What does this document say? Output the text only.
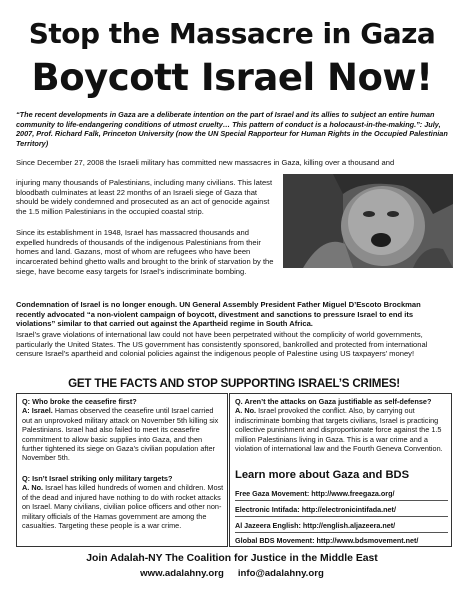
Stop the Massacre in Gaza
Boycott Israel Now!
“The recent developments in Gaza are a deliberate intention on the part of Israel and its allies to subject an entire human community to life-endangering conditions of utmost cruelty… This pattern of conduct is a holocaust-in-the-making.”: July, 2007, Prof. Richard Falk, Princeton University (now the UN Special Rapporteur for Human Rights in the Occupied Palestinian Territory)
Since December 27, 2008 the Israeli military has committed new massacres in Gaza, killing over a thousand and
injuring many thousands of Palestinians, including many civilians. This latest bloodbath culminates at least 22 months of an Israeli siege of Gaza that should be widely condemned and prosecuted as an act of genocide against the 1.5 million Palestinians in the occupied coastal strip.
Since its establishment in 1948, Israel has massacred thousands and expelled hundreds of thousands of the indigenous Palestinians from their homes and land. Gazans, most of whom are refugees who have been incarcerated behind ghetto walls and brought to the brink of starvation by the siege, have become easy targets for Israel’s indiscriminate bombing.
Condemnation of Israel is no longer enough. UN General Assembly President Father Miguel D’Escoto Brockman recently advocated “a non-violent campaign of boycott, divestment and sanctions to pressure Israel to end its violations” similar to that carried out against the Apartheid regime in South Africa.
Israel’s grave violations of international law could not have been perpetrated without the complicity of world governments, particularly the United States. The US government has consistently sponsored, bankrolled and protected from international censure Israel’s apartheid and colonial policies against the indigenous people of Palestine using US taxpayers’ money!
GET THE FACTS AND STOP SUPPORTING ISRAEL’S CRIMES!
Q: Who broke the ceasefire first?
A: Israel. Hamas observed the ceasefire until Israel carried out an unprovoked military attack on November 5th killing six Palestinians. Israel had also failed to meet its ceasefire commitment to allow basic supplies into Gaza, and then further tightened its siege on Gaza’s civilian population after November 5th.
Q: Isn’t Israel striking only military targets?
A. No. Israel has killed hundreds of women and children. Most of the dead and injured have nothing to do with rocket attacks on Israel. Many civilians, civilian police officers and other non-military officials of the Hamas government are among the casualties. Targeting these people is a war crime.
Q. Aren’t the attacks on Gaza justifiable as self-defense?
A. No. Israel provoked the conflict. Also, by carrying out indiscriminate bombing that targets civilians, Israel is practicing collective punishment and disproportionate force against the 1.5 million Palestinians living in Gaza. This is a war crime and a violation of international law and the Fourth Geneva Convention.
Learn more about Gaza and BDS
Free Gaza Movement: http://www.freegaza.org/
Electronic Intifada: http://electronicintifada.net/
Al Jazeera English: http://english.aljazeera.net/
Global BDS Movement: http://www.bdsmovement.net/
Join Adalah-NY The Coalition for Justice in the Middle East
www.adalahny.org info@adalahny.org
